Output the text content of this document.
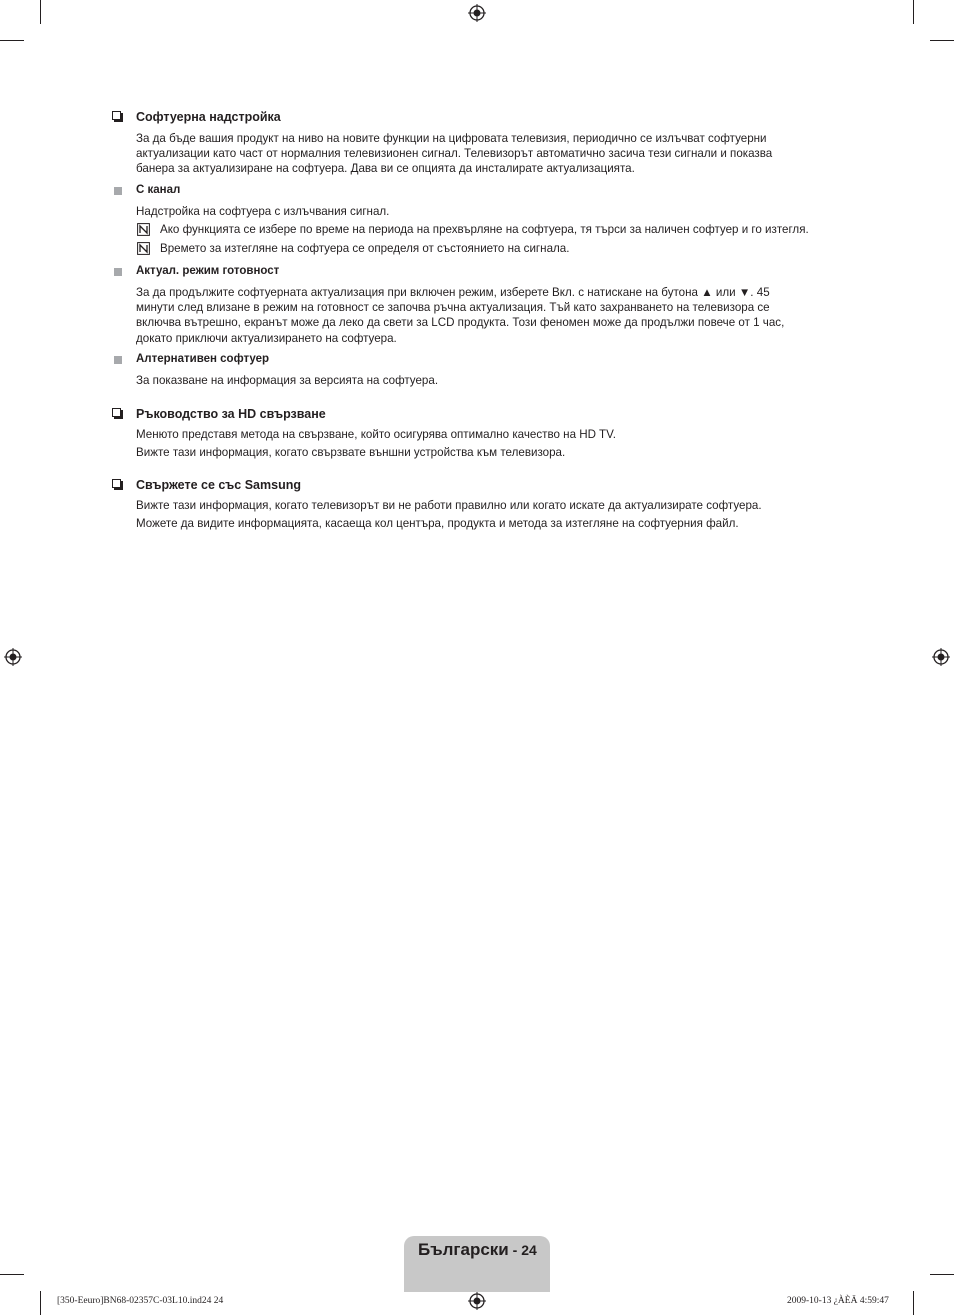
Софтуерна надстройка
За да бъде вашия продукт на ниво на новите функции на цифровата телевизия, периодично се излъчват софтуерни
актуализации като част от нормалния телевизионен сигнал. Телевизорът автоматично засича тези сигнали и показва
банера за актуализиране на софтуера. Дава ви се опцията да инсталирате актуализацията.
С канал
Надстройка на софтуера с излъчвания сигнал.
Ако функцията се избере по време на периода на прехвърляне на софтуера, тя търси за наличен софтуер и го изтегля.
Времето за изтегляне на софтуера се определя от състоянието на сигнала.
Актуал. режим готовност
За да продължите софтуерната актуализация при включен режим, изберете Вкл. с натискане на бутона ▲ или ▼. 45
минути след влизане в режим на готовност се започва ръчна актуализация. Тъй като захранването на телевизора се
включва вътрешно, екранът може да леко да свети за LCD продукта. Този феномен може да продължи повече от 1 час,
докато приключи актуализирането на софтуера.
Алтернативен софтуер
За показване на информация за версията на софтуера.
Ръководство за HD свързване
Менюто представя метода на свързване, който осигурява оптимално качество на HD TV.
Вижте тази информация, когато свързвате външни устройства към телевизора.
Свържете се със Samsung
Вижте тази информация, когато телевизорът ви не работи правилно или когато искате да актуализирате софтуера.
Можете да видите информацията, касаеща кол центъра, продукта и метода за изтегляне на софтуерния файл.
Български - 24
[350-Eeuro]BN68-02357C-03L10.ind24 24	2009-10-13 ¿ÀÈÄ 4:59:47
